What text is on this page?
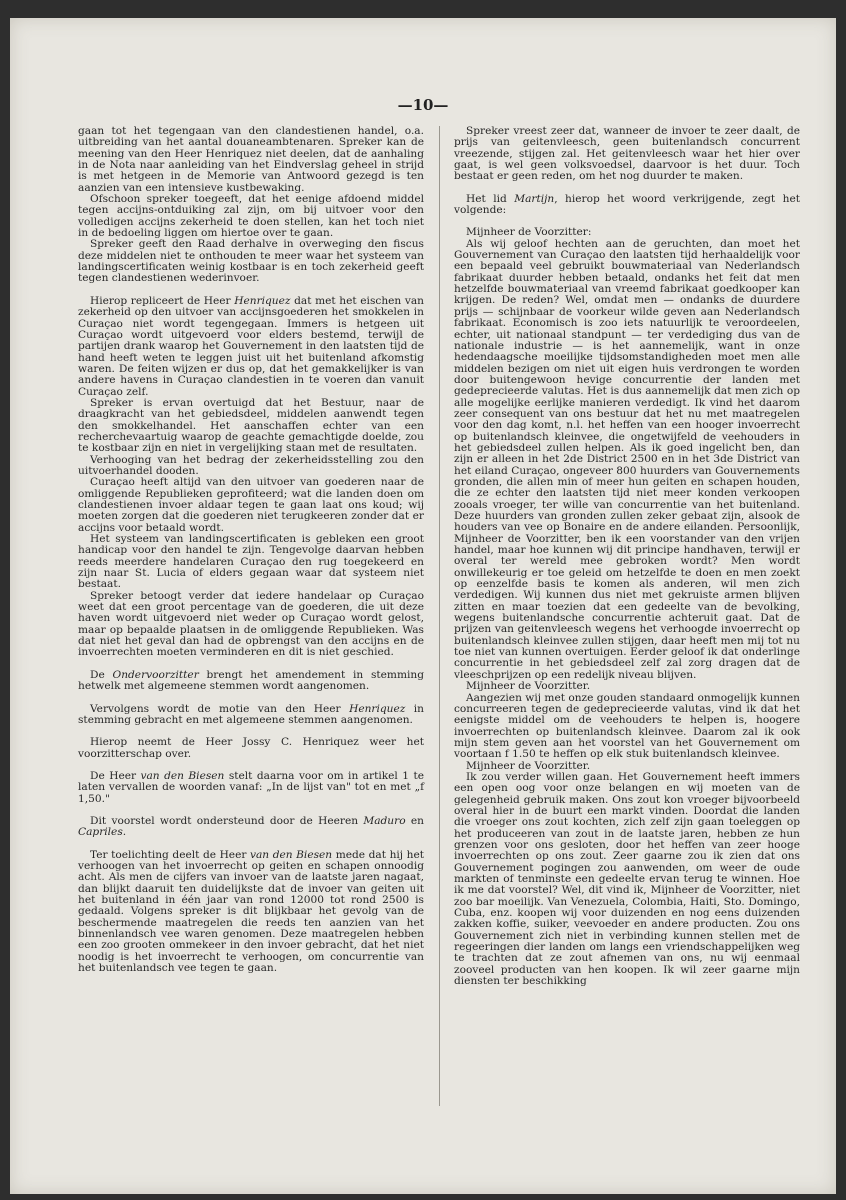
—10—

gaan tot het tegengaan van den clandestienen handel, o.a. uitbreiding van het aantal douaneambtenaren. Spreker kan de meening van den Heer Henriquez niet deelen, dat de aanhaling in de Nota naar aanleiding van het Eindverslag geheel in strijd is met hetgeen in de Memorie van Antwoord gezegd is ten aanzien van een intensieve kustbewaking.

Ofschoon spreker toegeeft, dat het eenige afdoend middel tegen accijns-ontduiking zal zijn, om bij uitvoer voor den volledigen accijns zekerheid te doen stellen, kan het toch niet in de bedoeling liggen om hiertoe over te gaan.

Spreker geeft den Raad derhalve in overweging den fiscus deze middelen niet te onthouden te meer waar het systeem van landingscertificaten weinig kostbaar is en toch zekerheid geeft tegen clandestienen wederinvoer.

Hierop repliceert de Heer Henriquez dat met het eischen van zekerheid op den uitvoer van accijnsgoederen het smokkelen in Curaçao niet wordt tegengegaan. Immers is hetgeen uit Curaçao wordt uitgevoerd voor elders bestemd, terwijl de partijen drank waarop het Gouvernement in den laatsten tijd de hand heeft weten te leggen juist uit het buitenland afkomstig waren. De feiten wijzen er dus op, dat het gemakkelijker is van andere havens in Curaçao clandestien in te voeren dan vanuit Curaçao zelf.

Spreker is ervan overtuigd dat het Bestuur, naar de draagkracht van het gebiedsdeel, middelen aanwendt tegen den smokkelhandel. Het aanschaffen echter van een recherchevaartuig waarop de geachte gemachtigde doelde, zou te kostbaar zijn en niet in vergelijking staan met de resultaten.

Verhooging van het bedrag der zekerheidsstelling zou den uitvoerhandel dooden.

Curaçao heeft altijd van den uitvoer van goederen naar de omliggende Republieken geprofiteerd; wat die landen doen om clandestienen invoer aldaar tegen te gaan laat ons koud; wij moeten zorgen dat die goederen niet terugkeeren zonder dat er accijns voor betaald wordt.

Het systeem van landingscertificaten is gebleken een groot handicap voor den handel te zijn. Tengevolge daarvan hebben reeds meerdere handelaren Curaçao den rug toegekeerd en zijn naar St. Lucia of elders gegaan waar dat systeem niet bestaat.

Spreker betoogt verder dat iedere handelaar op Curaçao weet dat een groot percentage van de goederen, die uit deze haven wordt uitgevoerd niet weder op Curaçao wordt gelost, maar op bepaalde plaatsen in de omliggende Republieken. Was dat niet het geval dan had de opbrengst van den accijns en de invoerrechten moeten verminderen en dit is niet geschied.

De Ondervoorzitter brengt het amendement in stemming hetwelk met algemeene stemmen wordt aangenomen.

Vervolgens wordt de motie van den Heer Henriquez in stemming gebracht en met algemeene stemmen aangenomen.

Hierop neemt de Heer Jossy C. Henriquez weer het voorzitterschap over.

De Heer van den Biesen stelt daarna voor om in artikel 1 te laten vervallen de woorden vanaf: „In de lijst van" tot en met „f 1,50."

Dit voorstel wordt ondersteund door de Heeren Maduro en Capriles.

Ter toelichting deelt de Heer van den Biesen mede dat hij het verhoogen van het invoerrecht op geiten en schapen onnoodig acht. Als men de cijfers van invoer van de laatste jaren nagaat, dan blijkt daaruit ten duidelijkste dat de invoer van geiten uit het buitenland in één jaar van rond 12000 tot rond 2500 is gedaald. Volgens spreker is dit blijkbaar het gevolg van de beschermende maatregelen die reeds ten aanzien van het binnenlandsch vee waren genomen. Deze maatregelen hebben een zoo grooten ommekeer in den invoer gebracht, dat het niet noodig is het invoerrecht te verhoogen, om concurrentie van het buitenlandsch vee tegen te gaan.

Spreker vreest zeer dat, wanneer de invoer te zeer daalt, de prijs van geitenvleesch, geen buitenlandsch concurrent vreezende, stijgen zal. Het geitenvleesch waar het hier over gaat, is wel geen volksvoedsel, daarvoor is het duur. Toch bestaat er geen reden, om het nog duurder te maken.

Het lid Martijn, hierop het woord verkrijgende, zegt het volgende:

Mijnheer de Voorzitter:

Als wij geloof hechten aan de geruchten, dan moet het Gouvernement van Curaçao den laatsten tijd herhaaldelijk voor een bepaald veel gebruikt bouwmateriaal van Nederlandsch fabrikaat duurder hebben betaald, ondanks het feit dat men hetzelfde bouwmateriaal van vreemd fabrikaat goedkooper kan krijgen. De reden? Wel, omdat men — ondanks de duurdere prijs — schijnbaar de voorkeur wilde geven aan Nederlandsch fabrikaat. Economisch is zoo iets natuurlijk te veroordeelen, echter, uit nationaal standpunt — ter verdediging dus van de nationale industrie — is het aannemelijk, want in onze hedendaagsche moeilijke tijdsomstandigheden moet men alle middelen bezigen om niet uit eigen huis verdrongen te worden door buitengewoon hevige concurrentie der landen met gedeprecieerde valutas. Het is dus aannemelijk dat men zich op alle mogelijke eerlijke manieren verdedigt. Ik vind het daarom zeer consequent van ons bestuur dat het nu met maatregelen voor den dag komt, n.l. het heffen van een hooger invoerrecht op buitenlandsch kleinvee, die ongetwijfeld de veehouders in het gebiedsdeel zullen helpen. Als ik goed ingelicht ben, dan zijn er alleen in het 2de District 2500 en in het 3de District van het eiland Curaçao, ongeveer 800 huurders van Gouvernements gronden, die allen min of meer hun geiten en schapen houden, die ze echter den laatsten tijd niet meer konden verkoopen zooals vroeger, ter wille van concurrentie van het buitenland. Deze huurders van gronden zullen zeker gebaat zijn, alsook de houders van vee op Bonaire en de andere eilanden. Persoonlijk, Mijnheer de Voorzitter, ben ik een voorstander van den vrijen handel, maar hoe kunnen wij dit principe handhaven, terwijl er overal ter wereld mee gebroken wordt? Men wordt onwillekeurig er toe geleid om hetzelfde te doen en men zoekt op eenzelfde basis te komen als anderen, wil men zich verdedigen. Wij kunnen dus niet met gekruiste armen blijven zitten en maar toezien dat een gedeelte van de bevolking, wegens buitenlandsche concurrentie achteruit gaat. Dat de prijzen van geitenvleesch wegens het verhoogde invoerrecht op buitenlandsch kleinvee zullen stijgen, daar heeft men mij tot nu toe niet van kunnen overtuigen. Eerder geloof ik dat onderlinge concurrentie in het gebiedsdeel zelf zal zorg dragen dat de vleeschprijzen op een redelijk niveau blijven.

Mijnheer de Voorzitter.

Aangezien wij met onze gouden standaard onmogelijk kunnen concurreeren tegen de gedeprecieerde valutas, vind ik dat het eenigste middel om de veehouders te helpen is, hoogere invoerrechten op buitenlandsch kleinvee. Daarom zal ik ook mijn stem geven aan het voorstel van het Gouvernement om voortaan f 1.50 te heffen op elk stuk buitenlandsch kleinvee.

Mijnheer de Voorzitter.

Ik zou verder willen gaan. Het Gouvernement heeft immers een open oog voor onze belangen en wij moeten van de gelegenheid gebruik maken. Ons zout kon vroeger bijvoorbeeld overal hier in de buurt een markt vinden. Doordat die landen die vroeger ons zout kochten, zich zelf zijn gaan toeleggen op het produceeren van zout in de laatste jaren, hebben ze hun grenzen voor ons gesloten, door het heffen van zeer hooge invoerrechten op ons zout. Zeer gaarne zou ik zien dat ons Gouvernement pogingen zou aanwenden, om weer de oude markten of tenminste een gedeelte ervan terug te winnen. Hoe ik me dat voorstel? Wel, dit vind ik, Mijnheer de Voorzitter, niet zoo bar moeilijk. Van Venezuela, Colombia, Haiti, Sto. Domingo, Cuba, enz. koopen wij voor duizenden en nog eens duizenden zakken koffie, suiker, veevoeder en andere producten. Zou ons Gouvernement zich niet in verbinding kunnen stellen met de regeeringen dier landen om langs een vriendschappelijken weg te trachten dat ze zout afnemen van ons, nu wij eenmaal zooveel producten van hen koopen. Ik wil zeer gaarne mijn diensten ter beschikking
